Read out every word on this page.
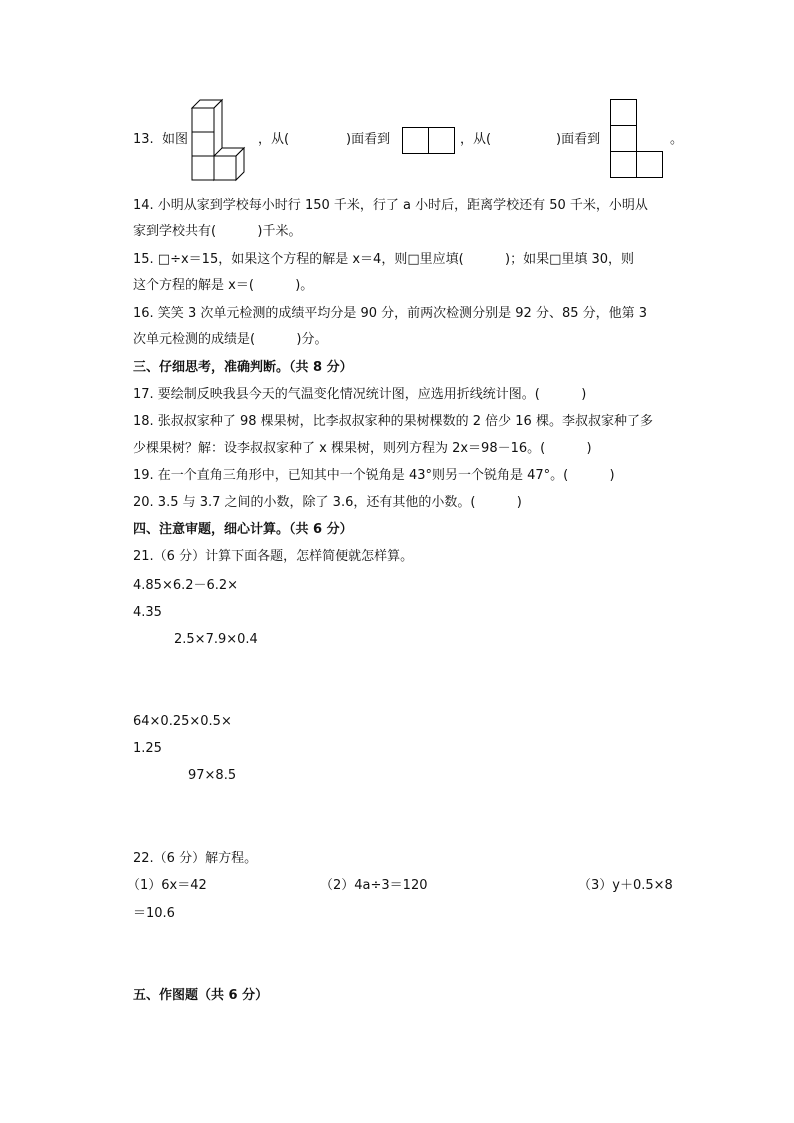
13. 如图	，从(	)面看到	，从(	)面看到	。
14. 小明从家到学校每小时行 150 千米，行了 a 小时后，距离学校还有 50 千米，小明从
家到学校共有(          )千米。
15. □÷x＝15，如果这个方程的解是 x＝4，则□里应填(          )；如果□里填 30，则
这个方程的解是 x＝(          )。
16. 笑笑 3 次单元检测的成绩平均分是 90 分，前两次检测分别是 92 分、85 分，他第 3
次单元检测的成绩是(          )分。
三、仔细思考，准确判断。（共 8 分）
17. 要绘制反映我县今天的气温变化情况统计图，应选用折线统计图。(          )
18. 张叔叔家种了 98 棵果树，比李叔叔家种的果树棵数的 2 倍少 16 棵。李叔叔家种了多
少棵果树？解：设李叔叔家种了 x 棵果树，则列方程为 2x＝98－16。(          )
19. 在一个直角三角形中，已知其中一个锐角是 43°则另一个锐角是 47°。(          )
20. 3.5 与 3.7 之间的小数，除了 3.6，还有其他的小数。(          )
四、注意审题，细心计算。（共 6 分）
21.（6 分）计算下面各题，怎样简便就怎样算。
4.85×6.2－6.2×
4.35
2.5×7.9×0.4
64×0.25×0.5×
1.25
97×8.5
22.（6 分）解方程。
（1）6x＝42	（2）4a÷3＝120	（3）y＋0.5×8
＝10.6
五、作图题（共 6 分）
